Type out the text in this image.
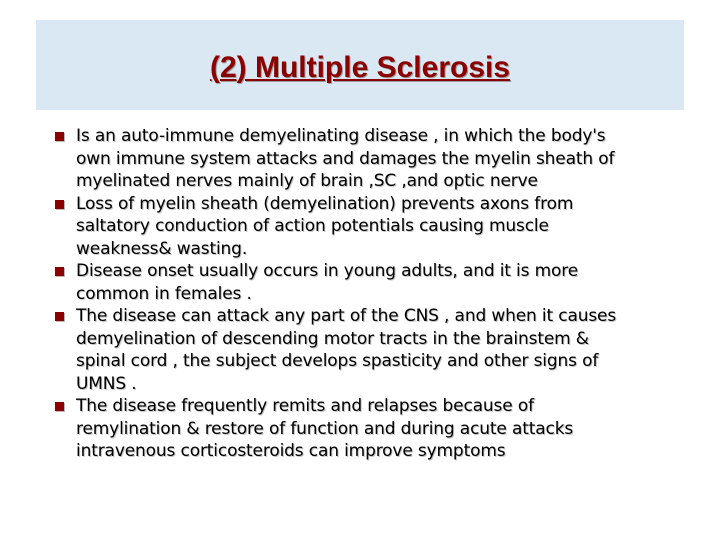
(2) Multiple Sclerosis
Is an auto-immune demyelinating disease , in which the body's
own immune system attacks and damages the myelin sheath of
myelinated nerves mainly of brain ,SC ,and optic nerve
Loss of myelin sheath (demyelination) prevents axons from
saltatory conduction of action potentials causing muscle
weakness& wasting.
Disease onset usually occurs in young adults, and it is more
common in females .
The disease can attack any part of the CNS , and when it causes
demyelination of descending motor tracts in the brainstem &
spinal cord , the subject develops spasticity and other signs of
UMNS .
The disease frequently remits and relapses because of
remylination & restore of function and during acute attacks
intravenous corticosteroids can improve symptoms
